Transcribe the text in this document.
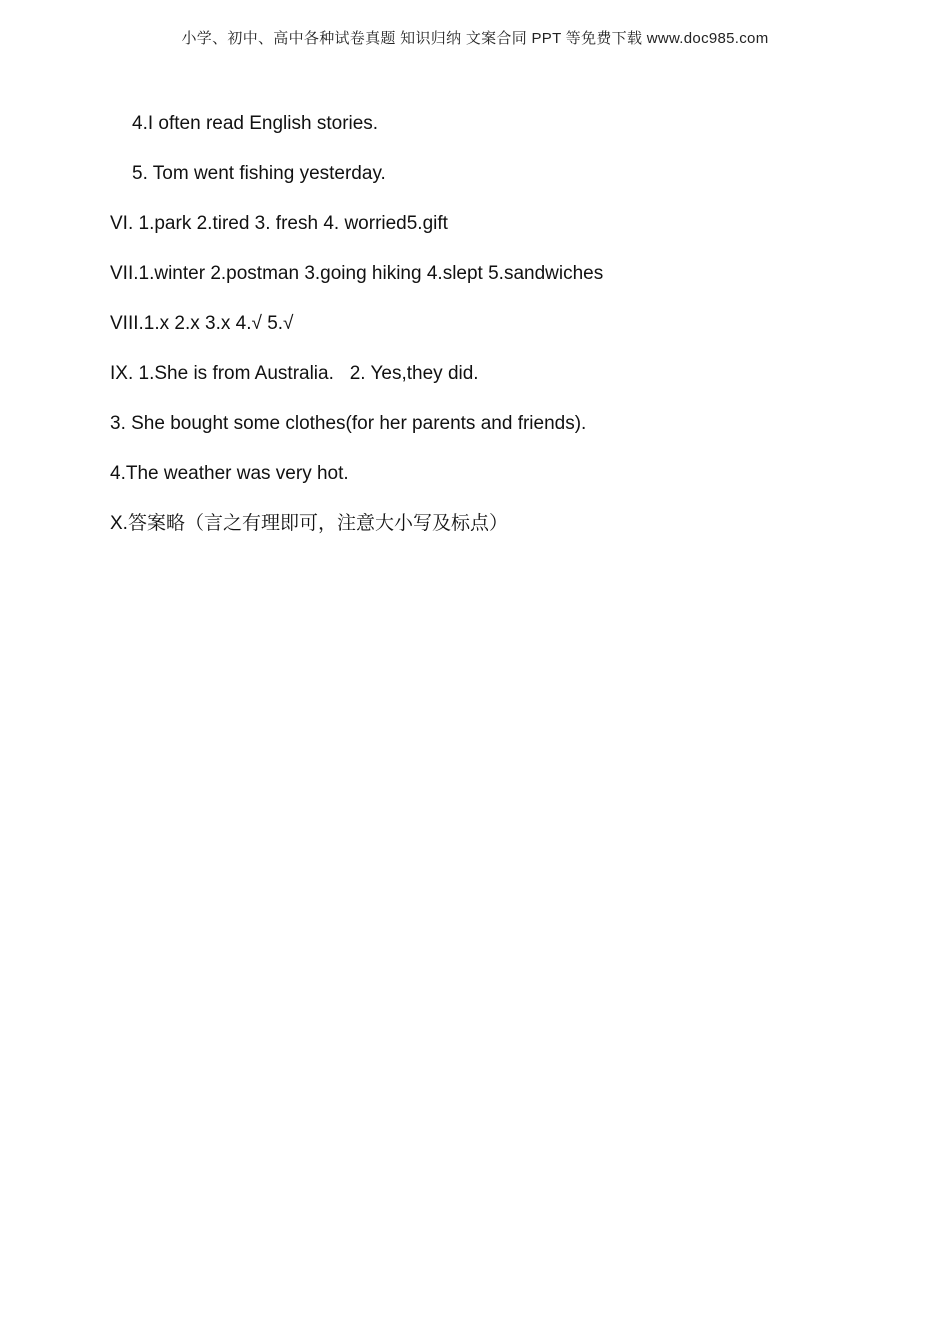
小学、初中、高中各种试卷真题 知识归纳 文案合同 PPT 等免费下载 www.doc985.com
4.I often read English stories.
5. Tom went fishing yesterday.
VI. 1.park 2.tired 3. fresh 4. worried5.gift
VII.1.winter 2.postman 3.going hiking 4.slept 5.sandwiches
VIII.1.x 2.x 3.x 4.√ 5.√
IX. 1.She is from Australia.   2. Yes,they did.
3. She bought some clothes(for her parents and friends).
4.The weather was very hot.
X.答案略（言之有理即可，注意大小写及标点）
